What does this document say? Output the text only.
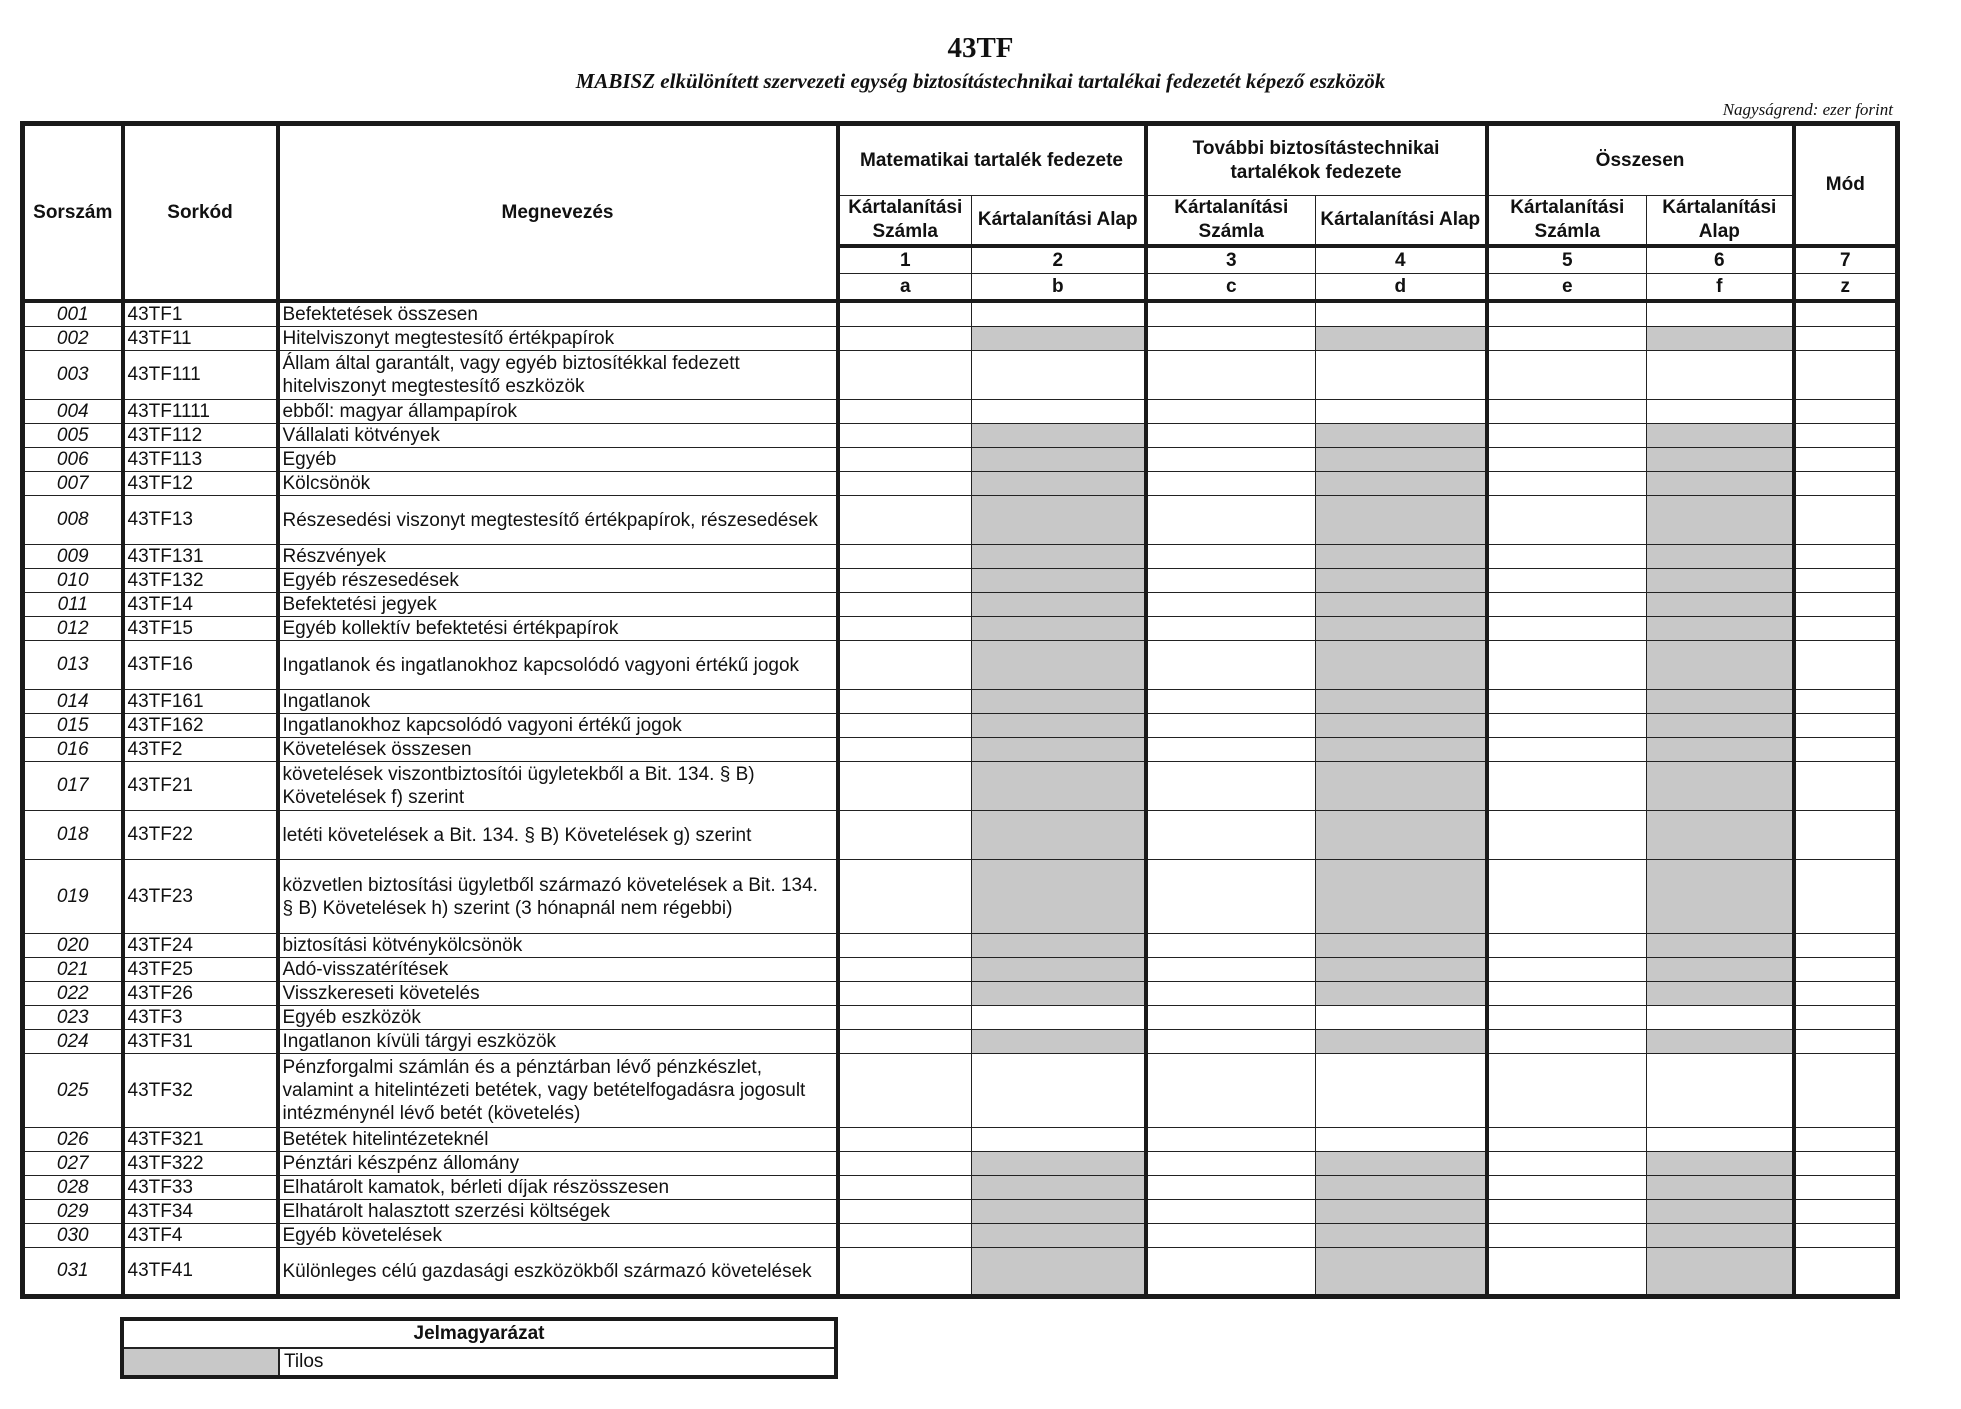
43TF
MABISZ elkülönített szervezeti egység biztosítástechnikai tartalékai fedezetét képező eszközök
Nagyságrend: ezer forint
Sorszám	Sorkód	Megnevezés	Matematikai tartalék fedezete		További biztosítástechnikai tartalékok fedezete		Összesen		Mód
			Kártalanítási Számla	Kártalanítási Alap	Kártalanítási Számla	Kártalanítási Alap	Kártalanítási Számla	Kártalanítási Alap	
			1	2	3	4	5	6	7
			a	b	c	d	e	f	z
001	43TF1	Befektetések összesen							
002	43TF11	Hitelviszonyt megtestesítő értékpapírok							
003	43TF111	Állam által garantált, vagy egyéb biztosítékkal fedezett hitelviszonyt megtestesítő eszközök							
004	43TF1111	ebből: magyar állampapírok							
005	43TF112	Vállalati kötvények							
006	43TF113	Egyéb							
007	43TF12	Kölcsönök							
008	43TF13	Részesedési viszonyt megtestesítő értékpapírok, részesedések							
009	43TF131	Részvények							
010	43TF132	Egyéb részesedések							
011	43TF14	Befektetési jegyek							
012	43TF15	Egyéb kollektív befektetési értékpapírok							
013	43TF16	Ingatlanok és ingatlanokhoz kapcsolódó vagyoni értékű jogok							
014	43TF161	Ingatlanok							
015	43TF162	Ingatlanokhoz kapcsolódó vagyoni értékű jogok							
016	43TF2	Követelések összesen							
017	43TF21	követelések viszontbiztosítói ügyletekből a Bit. 134. § B) Követelések f) szerint							
018	43TF22	letéti követelések a Bit. 134. § B) Követelések g) szerint							
019	43TF23	közvetlen biztosítási ügyletből származó követelések a Bit. 134. § B) Követelések h) szerint (3 hónapnál nem régebbi)							
020	43TF24	biztosítási kötvénykölcsönök							
021	43TF25	Adó-visszatérítések							
022	43TF26	Visszkereseti követelés							
023	43TF3	Egyéb eszközök							
024	43TF31	Ingatlanon kívüli tárgyi eszközök							
025	43TF32	Pénzforgalmi számlán és a pénztárban lévő pénzkészlet, valamint a hitelintézeti betétek, vagy betételfogadásra jogosult intézménynél lévő betét (követelés)							
026	43TF321	Betétek hitelintézeteknél							
027	43TF322	Pénztári készpénz állomány							
028	43TF33	Elhatárolt kamatok, bérleti díjak részösszesen							
029	43TF34	Elhatárolt halasztott szerzési költségek							
030	43TF4	Egyéb követelések							
031	43TF41	Különleges célú gazdasági eszközökből származó követelések							
Jelmagyarázat
	Tilos
